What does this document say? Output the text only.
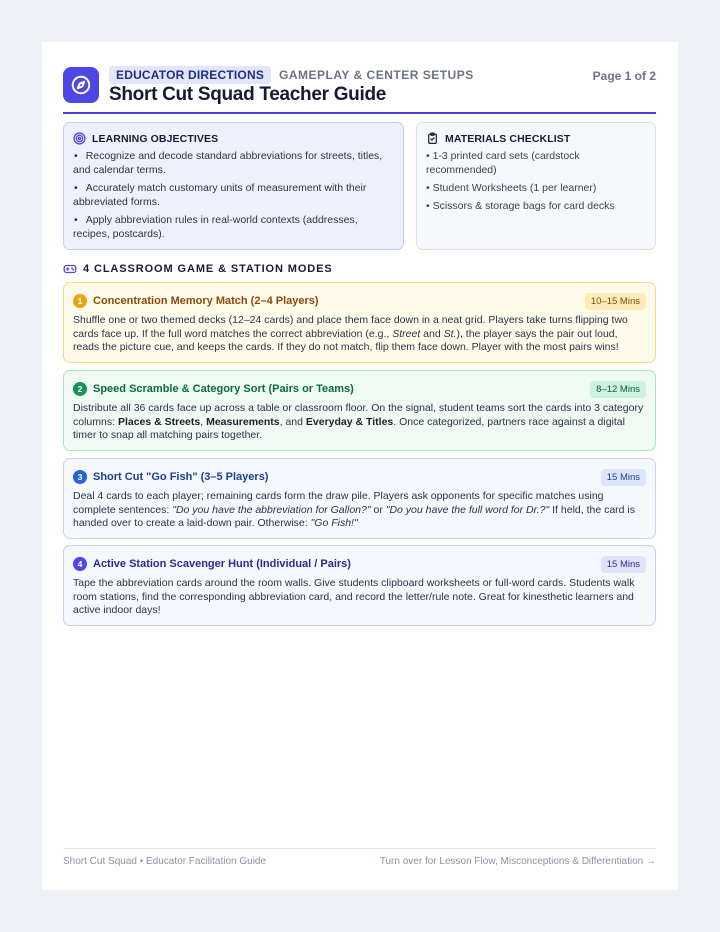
EDUCATOR DIRECTIONS	GAMEPLAY & CENTER SETUPS
Short Cut Squad Teacher Guide
Page 1 of 2
LEARNING OBJECTIVES
• Recognize and decode standard abbreviations for streets, titles, and calendar terms.
• Accurately match customary units of measurement with their abbreviated forms.
• Apply abbreviation rules in real-world contexts (addresses, recipes, postcards).
MATERIALS CHECKLIST
• 1-3 printed card sets (cardstock recommended)
• Student Worksheets (1 per learner)
• Scissors & storage bags for card decks
4 CLASSROOM GAME & STATION MODES
1 Concentration Memory Match (2–4 Players)	10–15 Mins
Shuffle one or two themed decks (12–24 cards) and place them face down in a neat grid. Players take turns flipping two cards face up. If the full word matches the correct abbreviation (e.g., Street and St.), the player says the pair out loud, reads the picture cue, and keeps the cards. If they do not match, flip them face down. Player with the most pairs wins!
2 Speed Scramble & Category Sort (Pairs or Teams)	8–12 Mins
Distribute all 36 cards face up across a table or classroom floor. On the signal, student teams sort the cards into 3 category columns: Places & Streets, Measurements, and Everyday & Titles. Once categorized, partners race against a digital timer to snap all matching pairs together.
3 Short Cut "Go Fish" (3–5 Players)	15 Mins
Deal 4 cards to each player; remaining cards form the draw pile. Players ask opponents for specific matches using complete sentences: "Do you have the abbreviation for Gallon?" or "Do you have the full word for Dr.?" If held, the card is handed over to create a laid-down pair. Otherwise: "Go Fish!"
4 Active Station Scavenger Hunt (Individual / Pairs)	15 Mins
Tape the abbreviation cards around the room walls. Give students clipboard worksheets or full-word cards. Students walk room stations, find the corresponding abbreviation card, and record the letter/rule note. Great for kinesthetic learners and active indoor days!
Short Cut Squad • Educator Facilitation Guide	Turn over for Lesson Flow, Misconceptions & Differentiation →
